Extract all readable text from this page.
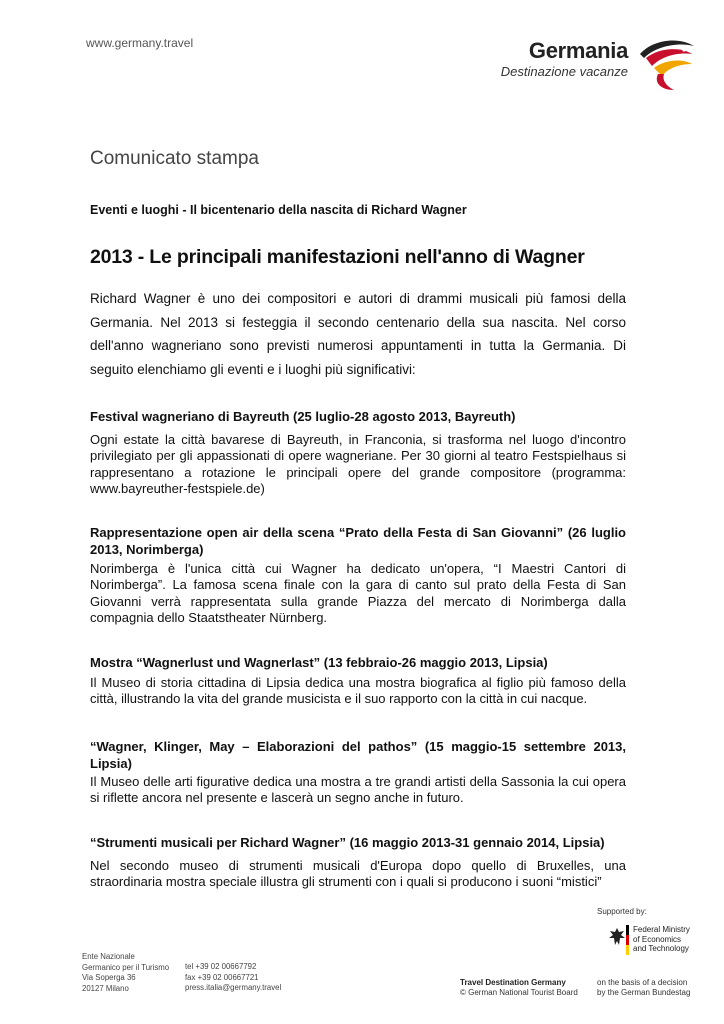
www.germany.travel	Germania
Destinazione vacanze
Comunicato stampa
Eventi e luoghi - Il bicentenario della nascita di Richard Wagner
2013 - Le principali manifestazioni nell'anno di Wagner
Richard Wagner è uno dei compositori e autori di drammi musicali più famosi della Germania. Nel 2013 si festeggia il secondo centenario della sua nascita. Nel corso dell'anno wagneriano sono previsti numerosi appuntamenti in tutta la Germania. Di seguito elenchiamo gli eventi e i luoghi più significativi:
Festival wagneriano di Bayreuth (25 luglio-28 agosto 2013, Bayreuth)
Ogni estate la città bavarese di Bayreuth, in Franconia, si trasforma nel luogo d'incontro privilegiato per gli appassionati di opere wagneriane. Per 30 giorni al teatro Festspielhaus si rappresentano a rotazione le principali opere del grande compositore (programma: www.bayreuther-festspiele.de)
Rappresentazione open air della scena “Prato della Festa di San Giovanni” (26 luglio 2013, Norimberga)
Norimberga è l'unica città cui Wagner ha dedicato un'opera, “I Maestri Cantori di Norimberga”. La famosa scena finale con la gara di canto sul prato della Festa di San Giovanni verrà rappresentata sulla grande Piazza del mercato di Norimberga dalla compagnia dello Staatstheater Nürnberg.
Mostra “Wagnerlust und Wagnerlast” (13 febbraio-26 maggio 2013, Lipsia)
Il Museo di storia cittadina di Lipsia dedica una mostra biografica al figlio più famoso della città, illustrando la vita del grande musicista e il suo rapporto con la città in cui nacque.
“Wagner, Klinger, May – Elaborazioni del pathos” (15 maggio-15 settembre 2013, Lipsia)
Il Museo delle arti figurative dedica una mostra a tre grandi artisti della Sassonia la cui opera si riflette ancora nel presente e lascerà un segno anche in futuro.
“Strumenti musicali per Richard Wagner” (16 maggio 2013-31 gennaio 2014, Lipsia)
Nel secondo museo di strumenti musicali d'Europa dopo quello di Bruxelles, una straordinaria mostra speciale illustra gli strumenti con i quali si producono i suoni “mistici”
Supported by:
Federal Ministry
of Economics
and Technology
Ente Nazionale
Germanico per il Turismo
Via Soperga 36
20127 Milano
tel +39 02 00667792
fax +39 02 00667721
press.italia@germany.travel
Travel Destination Germany
© German National Tourist Board
on the basis of a decision
by the German Bundestag
